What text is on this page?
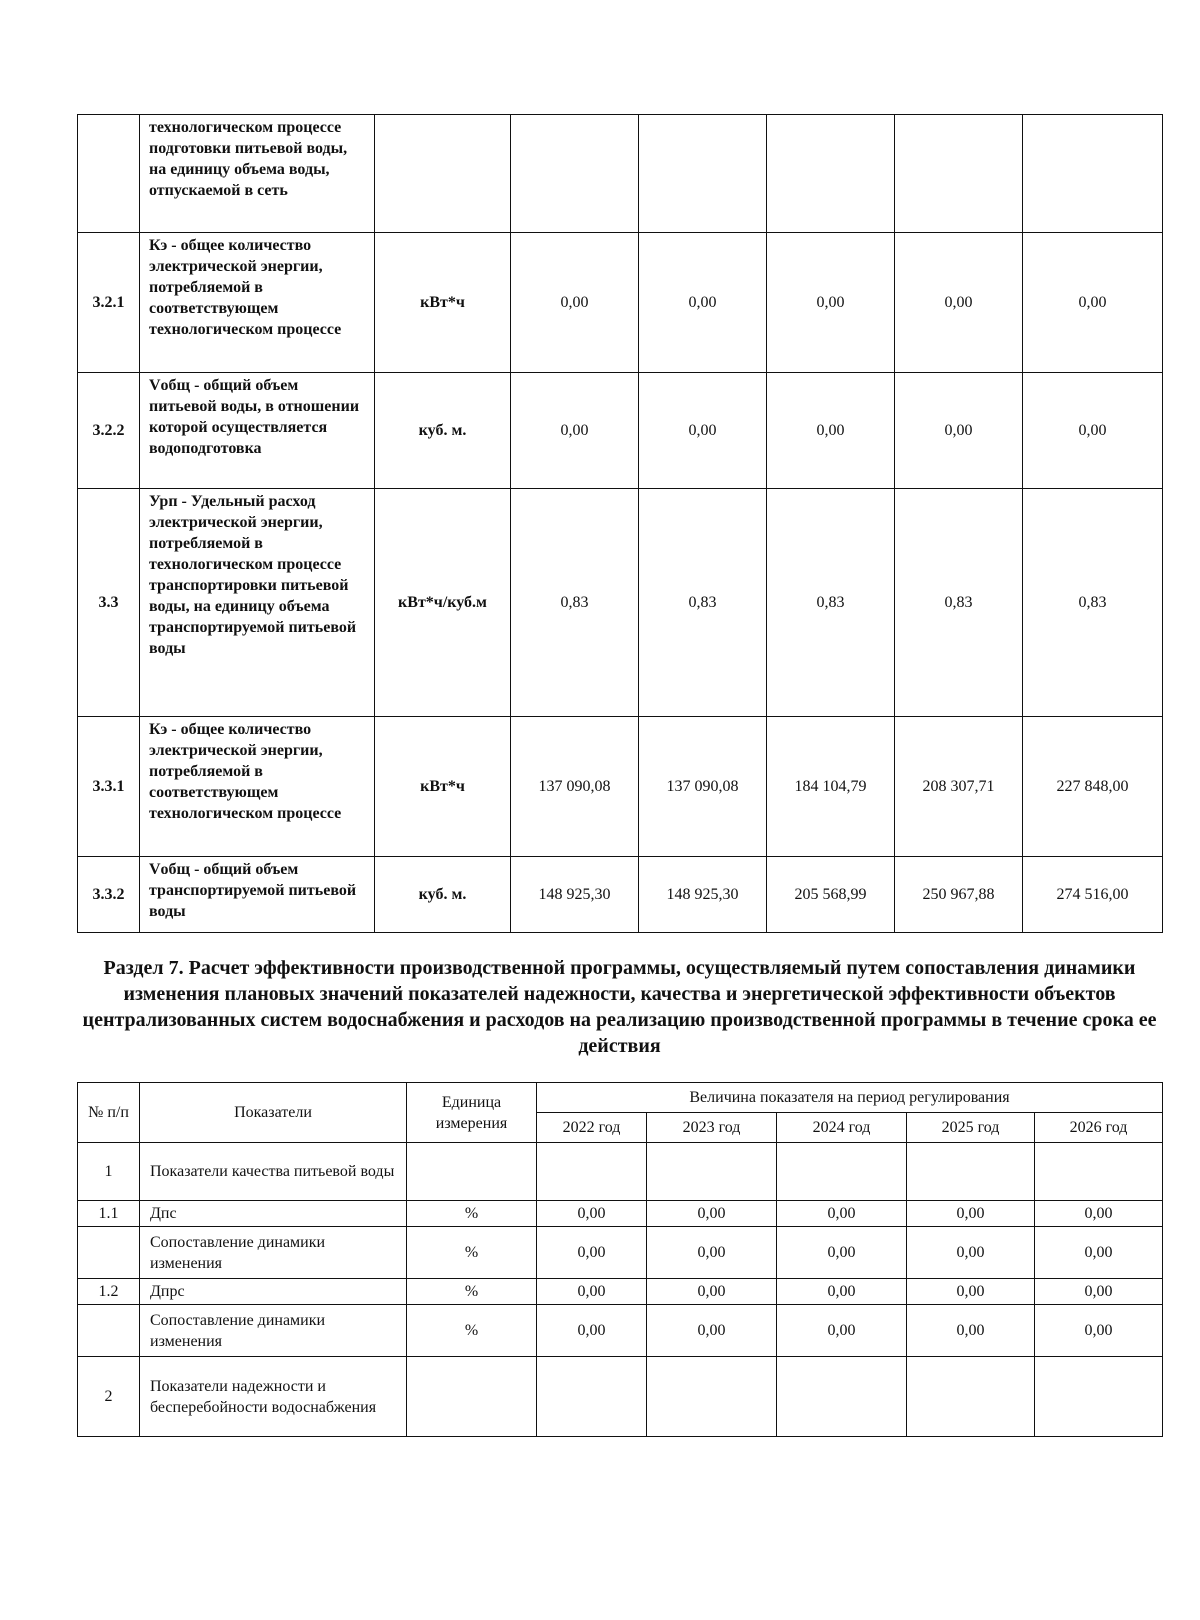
	технологическом процессе подготовки питьевой воды, на единицу объема воды, отпускаемой в сеть						
3.2.1	Кэ - общее количество электрической энергии, потребляемой в соответствующем технологическом процессе	кВт*ч	0,00	0,00	0,00	0,00	0,00
3.2.2	Vобщ - общий объем питьевой воды, в отношении которой осуществляется водоподготовка	куб. м.	0,00	0,00	0,00	0,00	0,00
3.3	Урп - Удельный расход электрической энергии, потребляемой в технологическом процессе транспортировки питьевой воды, на единицу объема транспортируемой питьевой воды	кВт*ч/куб.м	0,83	0,83	0,83	0,83	0,83
3.3.1	Кэ - общее количество электрической энергии, потребляемой в соответствующем технологическом процессе	кВт*ч	137 090,08	137 090,08	184 104,79	208 307,71	227 848,00
3.3.2	Vобщ - общий объем транспортируемой питьевой воды	куб. м.	148 925,30	148 925,30	205 568,99	250 967,88	274 516,00
Раздел 7. Расчет эффективности производственной программы, осуществляемый путем сопоставления динамики изменения плановых значений показателей надежности, качества и энергетической эффективности объектов централизованных систем водоснабжения и расходов на реализацию производственной программы в течение срока ее действия
№ п/п	Показатели	Единица измерения	Величина показателя на период регулирования				
			2022 год	2023 год	2024 год	2025 год	2026 год
1	Показатели качества питьевой воды						
1.1	Дпс	%	0,00	0,00	0,00	0,00	0,00
	Сопоставление динамики изменения	%	0,00	0,00	0,00	0,00	0,00
1.2	Дпрс	%	0,00	0,00	0,00	0,00	0,00
	Сопоставление динамики изменения	%	0,00	0,00	0,00	0,00	0,00
2	Показатели надежности и бесперебойности водоснабжения						
